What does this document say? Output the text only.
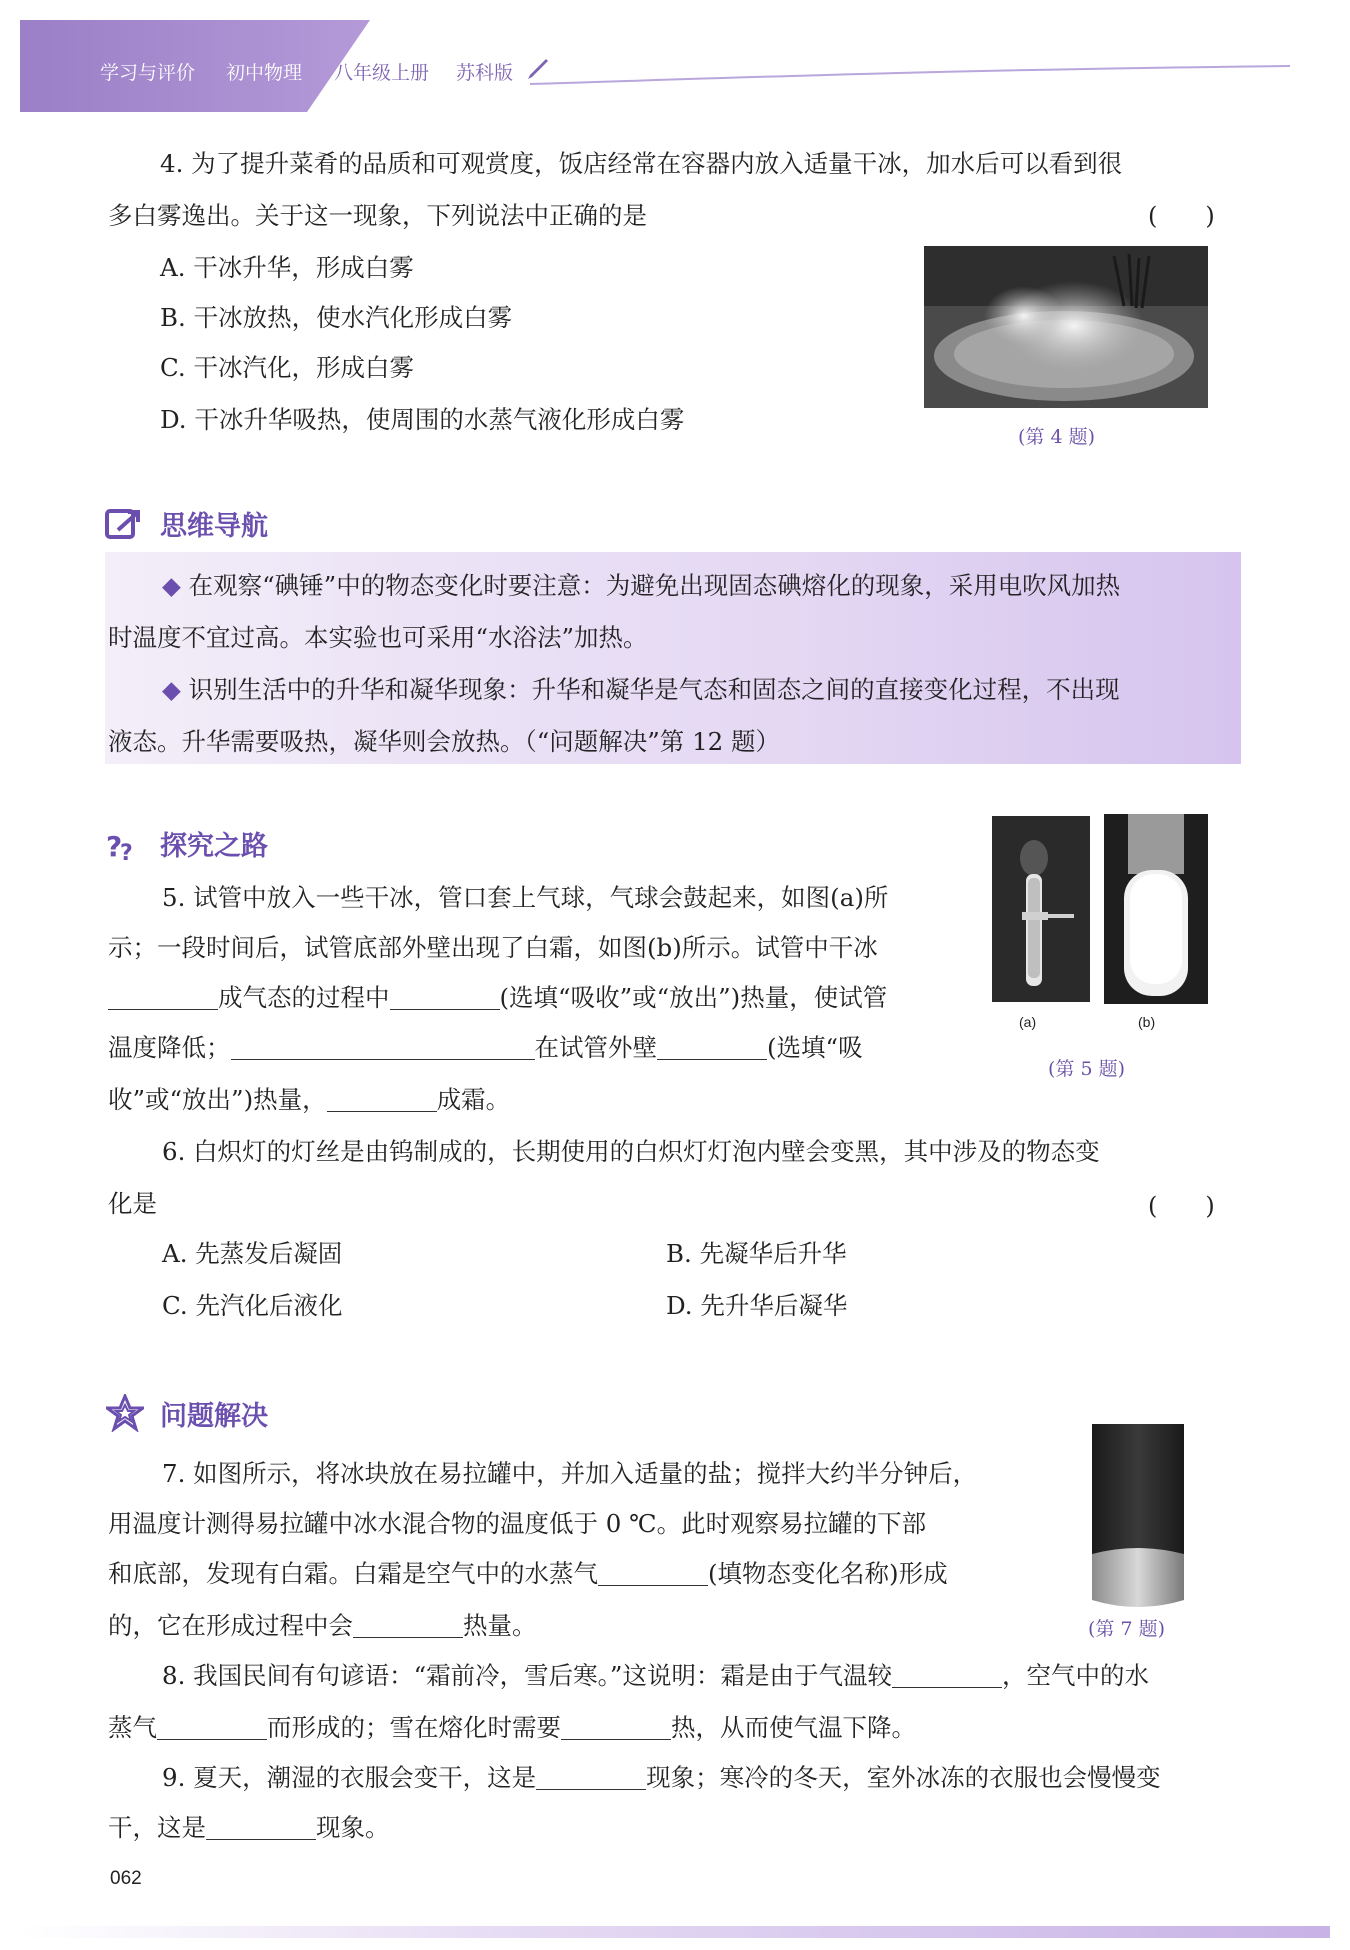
学习与评价 初中物理 八年级上册 苏科版
4. 为了提升菜肴的品质和可观赏度，饭店经常在容器内放入适量干冰，加水后可以看到很
多白雾逸出。关于这一现象，下列说法中正确的是	(　　)
A. 干冰升华，形成白雾
B. 干冰放热，使水汽化形成白雾
C. 干冰汽化，形成白雾
D. 干冰升华吸热，使周围的水蒸气液化形成白雾
(第 4 题)
思维导航
◆ 在观察“碘锤”中的物态变化时要注意：为避免出现固态碘熔化的现象，采用电吹风加热
时温度不宜过高。本实验也可采用“水浴法”加热。
◆ 识别生活中的升华和凝华现象：升华和凝华是气态和固态之间的直接变化过程，不出现
液态。升华需要吸热，凝华则会放热。（“问题解决”第 12 题）
?
? 探究之路
5. 试管中放入一些干冰，管口套上气球，气球会鼓起来，如图(a)所
示；一段时间后，试管底部外壁出现了白霜，如图(b)所示。试管中干冰
成气态的过程中	(选填“吸收”或“放出”)热量，使试管
温度降低；	在试管外壁	(选填“吸
收”或“放出”)热量，	成霜。
(a)	(b)
(第 5 题)
6. 白炽灯的灯丝是由钨制成的，长期使用的白炽灯灯泡内壁会变黑，其中涉及的物态变
化是	(　　)
A. 先蒸发后凝固	B. 先凝华后升华
C. 先汽化后液化	D. 先升华后凝华
问题解决
7. 如图所示，将冰块放在易拉罐中，并加入适量的盐；搅拌大约半分钟后，
用温度计测得易拉罐中冰水混合物的温度低于 0 ℃。此时观察易拉罐的下部
和底部，发现有白霜。白霜是空气中的水蒸气	(填物态变化名称)形成
的，它在形成过程中会	热量。	(第 7 题)
8. 我国民间有句谚语：“霜前冷，雪后寒。”这说明：霜是由于气温较	，空气中的水
蒸气	而形成的；雪在熔化时需要	热，从而使气温下降。
9. 夏天，潮湿的衣服会变干，这是	现象；寒冷的冬天，室外冰冻的衣服也会慢慢变
干，这是	现象。
062
